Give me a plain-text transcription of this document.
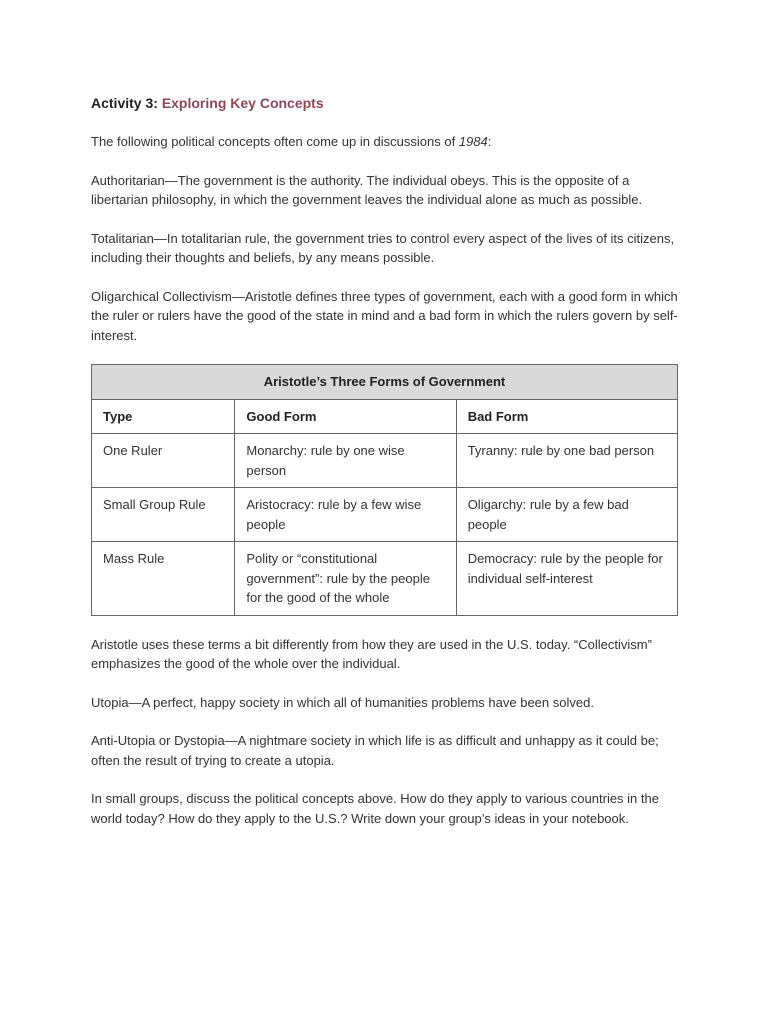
Activity 3: Exploring Key Concepts

The following political concepts often come up in discussions of 1984:

Authoritarian—The government is the authority. The individual obeys. This is the opposite of a libertarian philosophy, in which the government leaves the individual alone as much as possible.

Totalitarian—In totalitarian rule, the government tries to control every aspect of the lives of its citizens, including their thoughts and beliefs, by any means possible.

Oligarchical Collectivism—Aristotle defines three types of government, each with a good form in which the ruler or rulers have the good of the state in mind and a bad form in which the rulers govern by self-interest.

Aristotle’s Three Forms of Government		
Type	Good Form	Bad Form
One Ruler	Monarchy: rule by one wise person	Tyranny: rule by one bad person
Small Group Rule	Aristocracy: rule by a few wise people	Oligarchy: rule by a few bad people
Mass Rule	Polity or “constitutional government”: rule by the people for the good of the whole	Democracy: rule by the people for individual self-interest

Aristotle uses these terms a bit differently from how they are used in the U.S. today. “Collectivism” emphasizes the good of the whole over the individual.

Utopia—A perfect, happy society in which all of humanities problems have been solved.

Anti-Utopia or Dystopia—A nightmare society in which life is as difficult and unhappy as it could be; often the result of trying to create a utopia.

In small groups, discuss the political concepts above. How do they apply to various countries in the world today? How do they apply to the U.S.? Write down your group’s ideas in your notebook.
